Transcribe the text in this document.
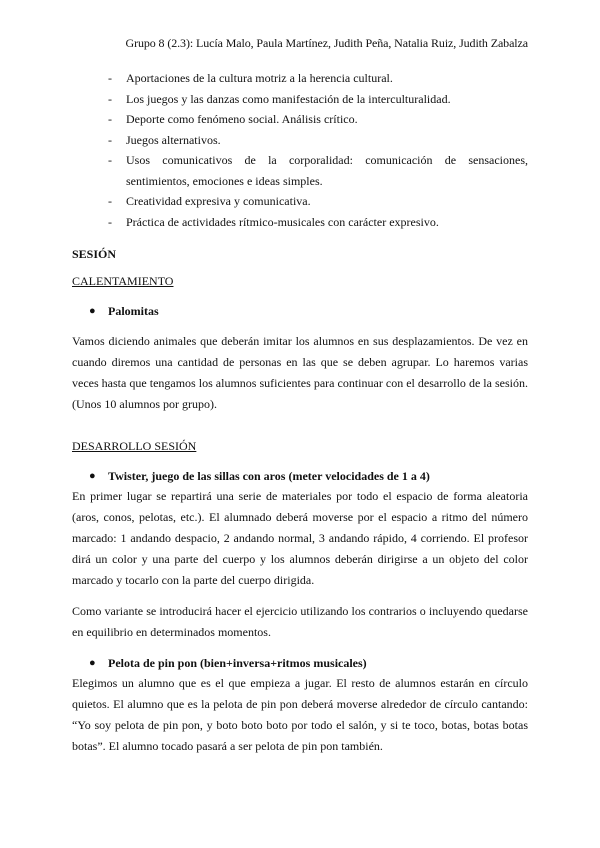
Grupo 8 (2.3): Lucía Malo, Paula Martínez, Judith Peña, Natalia Ruiz, Judith Zabalza
- Aportaciones de la cultura motriz a la herencia cultural.
- Los juegos y las danzas como manifestación de la interculturalidad.
- Deporte como fenómeno social. Análisis crítico.
- Juegos alternativos.
- Usos comunicativos de la corporalidad: comunicación de sensaciones, sentimientos, emociones e ideas simples.
- Creatividad expresiva y comunicativa.
- Práctica de actividades rítmico-musicales con carácter expresivo.
SESIÓN
CALENTAMIENTO
● Palomitas

Vamos diciendo animales que deberán imitar los alumnos en sus desplazamientos. De vez en cuando diremos una cantidad de personas en las que se deben agrupar. Lo haremos varias veces hasta que tengamos los alumnos suficientes para continuar con el desarrollo de la sesión. (Unos 10 alumnos por grupo).

DESARROLLO SESIÓN
● Twister, juego de las sillas con aros (meter velocidades de 1 a 4)

En primer lugar se repartirá una serie de materiales por todo el espacio de forma aleatoria (aros, conos, pelotas, etc.). El alumnado deberá moverse por el espacio a ritmo del número marcado: 1 andando despacio, 2 andando normal, 3 andando rápido, 4 corriendo. El profesor dirá un color y una parte del cuerpo y los alumnos deberán dirigirse a un objeto del color marcado y tocarlo con la parte del cuerpo dirigida.

Como variante se introducirá hacer el ejercicio utilizando los contrarios o incluyendo quedarse en equilibrio en determinados momentos.

● Pelota de pin pon (bien+inversa+ritmos musicales)

Elegimos un alumno que es el que empieza a jugar. El resto de alumnos estarán en círculo quietos. El alumno que es la pelota de pin pon deberá moverse alrededor de círculo cantando: “Yo soy pelota de pin pon, y boto boto boto por todo el salón, y si te toco, botas, botas botas botas”. El alumno tocado pasará a ser pelota de pin pon también.
